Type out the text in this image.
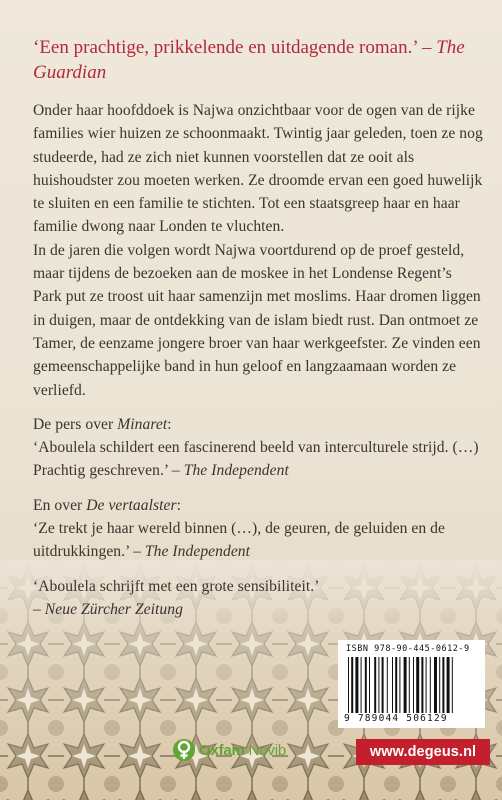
‘Een prachtige, prikkelende en uitdagende roman.’ – The Guardian

Onder haar hoofddoek is Najwa onzichtbaar voor de ogen van de rijke families wier huizen ze schoonmaakt. Twintig jaar geleden, toen ze nog studeerde, had ze zich niet kunnen voorstellen dat ze ooit als huishoudster zou moeten werken. Ze droomde ervan een goed huwelijk te sluiten en een familie te stichten. Tot een staatsgreep haar en haar familie dwong naar Londen te vluchten.

In de jaren die volgen wordt Najwa voortdurend op de proef gesteld, maar tijdens de bezoeken aan de moskee in het Londense Regent’s Park put ze troost uit haar samenzijn met moslims. Haar dromen liggen in duigen, maar de ontdekking van de islam biedt rust. Dan ontmoet ze Tamer, de eenzame jongere broer van haar werkgeefster. Ze vinden een gemeenschappelijke band in hun geloof en langzaamaan worden ze verliefd.

De pers over Minaret:

‘Aboulela schildert een fascinerend beeld van interculturele strijd. (…) Prachtig geschreven.’ – The Independent

En over De vertaalster:

‘Ze trekt je haar wereld binnen (…), de geuren, de geluiden en de uitdrukkingen.’ – The Independent

‘Aboulela schrijft met een grote sensibiliteit.’

– Neue Zürcher Zeitung

ISBN 978-90-445-0612-9
9 789044 506129
Oxfam Novib	www.degeus.nl
